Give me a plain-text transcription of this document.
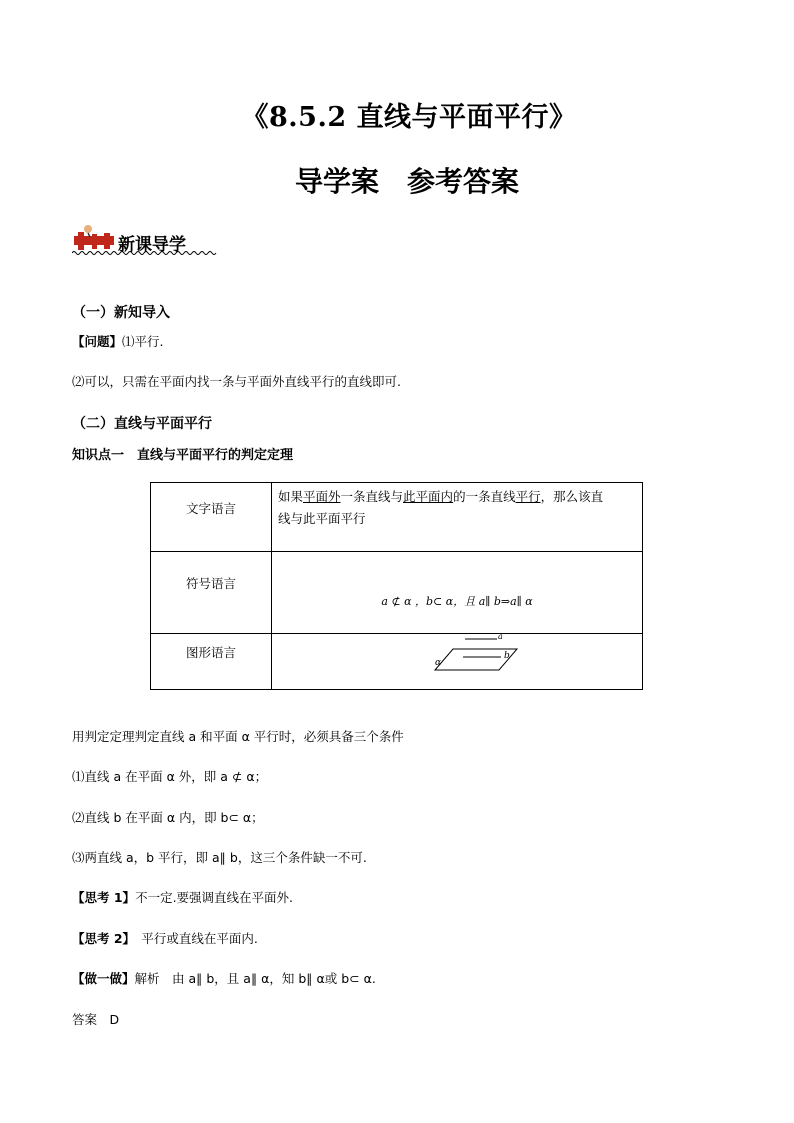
《8.5.2 直线与平面平行》
导学案　参考答案
新课导学
（一）新知导入
【问题】⑴平行.
⑵可以，只需在平面内找一条与平面外直线平行的直线即可.
（二）直线与平面平行
知识点一　直线与平面平行的判定定理
文字语言	如果平面外一条直线与此平面内的一条直线平行，那么该直
线与此平面平行
符号语言	a ⊄ α ，b⊂ α，且 a∥ b⇒a∥ α
图形语言	a
b
α
用判定定理判定直线 a 和平面 α 平行时，必须具备三个条件
⑴直线 a 在平面 α 外，即 a ⊄ α；
⑵直线 b 在平面 α 内，即 b⊂ α；
⑶两直线 a，b 平行，即 a∥ b，这三个条件缺一不可.
【思考 1】不一定.要强调直线在平面外.
【思考 2】　平行或直线在平面内.
【做一做】解析　由 a∥ b，且 a∥ α，知 b∥ α或 b⊂ α.
答案　D
